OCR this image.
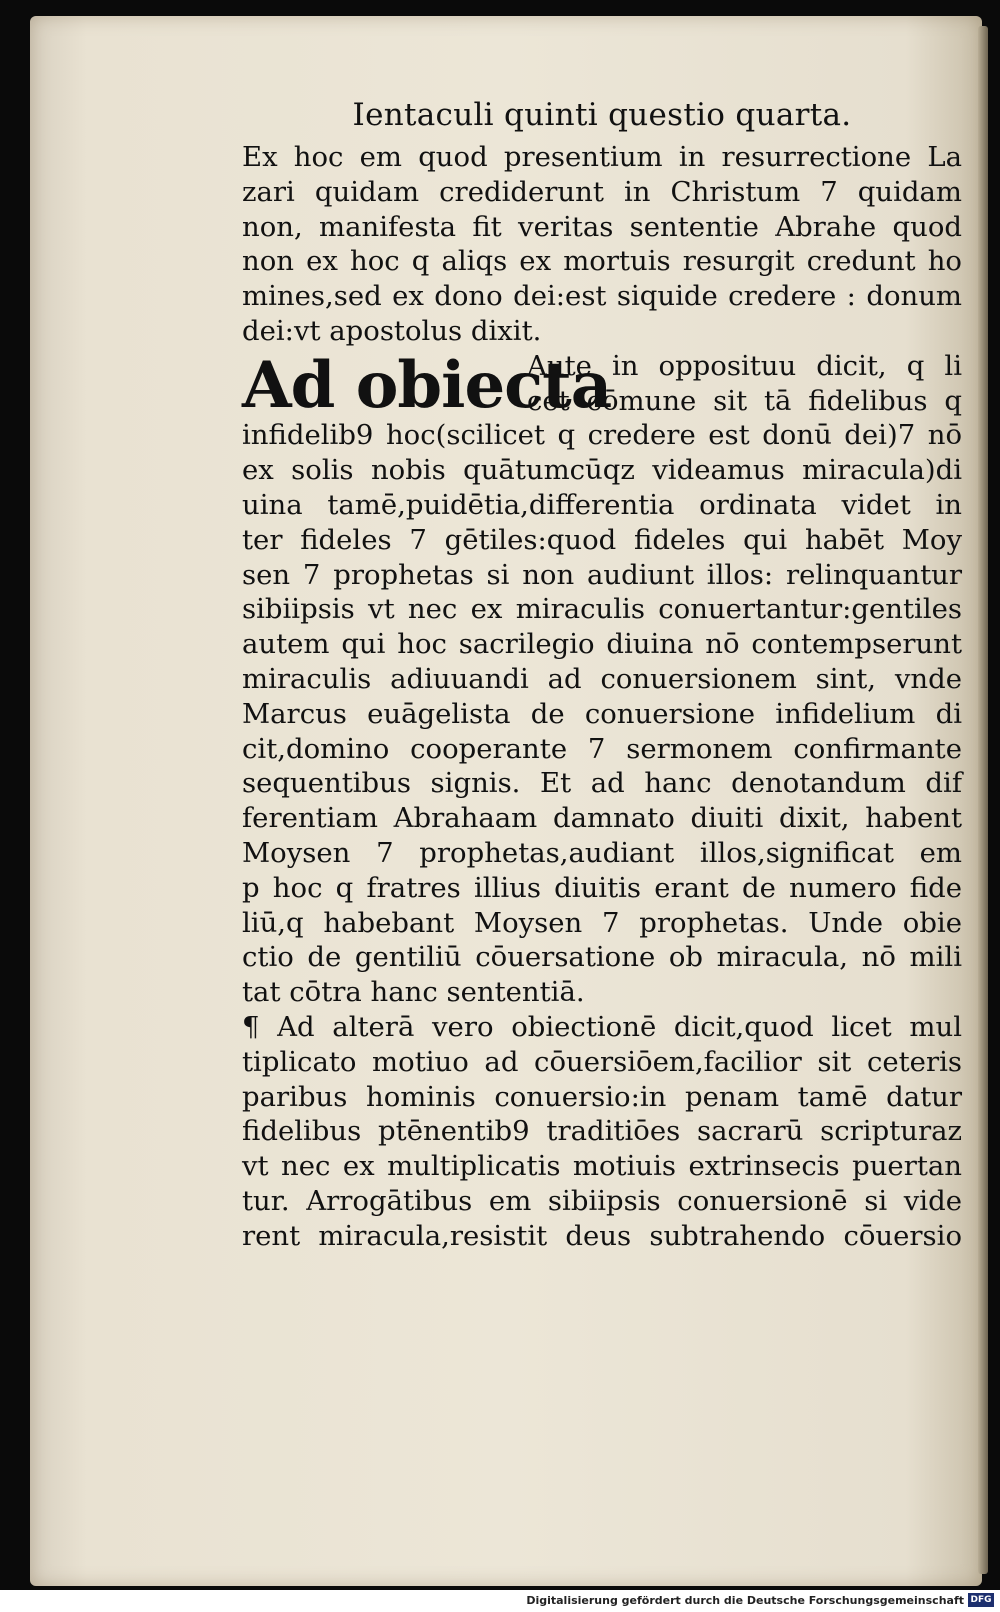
Ientaculi quinti questio quarta.

Ex hoc em quod presentium in resurrectione La

zari quidam crediderunt in Christum 7 quidam

non, manifesta fit veritas sententie Abrahe quod

non ex hoc q aliqs ex mortuis resurgit credunt ho

mines,sed ex dono dei:est siquide credere : donum

dei:vt apostolus dixit.

Ad obiecta

Aute in opposituu dicit, q li

cet cōmune sit tā fidelibus q

infidelib9 hoc(scilicet q credere est donū dei)7 nō

ex solis nobis quātumcūqz videamus miracula)di

uina tamē,puidētia,differentia ordinata videt in

ter fideles 7 gētiles:quod fideles qui habēt Moy

sen 7 prophetas si non audiunt illos: relinquantur

sibiipsis vt nec ex miraculis conuertantur:gentiles

autem qui hoc sacrilegio diuina nō contempserunt

miraculis adiuuandi ad conuersionem sint, vnde

Marcus euāgelista de conuersione infidelium di

cit,domino cooperante 7 sermonem confirmante

sequentibus signis. Et ad hanc denotandum dif

ferentiam Abrahaam damnato diuiti dixit, habent

Moysen 7 prophetas,audiant illos,significat em

p hoc q fratres illius diuitis erant de numero fide

liū,q habebant Moysen 7 prophetas. Unde obie

ctio de gentiliū cōuersatione ob miracula, nō mili

tat cōtra hanc sententiā.

¶ Ad alterā vero obiectionē dicit,quod licet mul

tiplicato motiuo ad cōuersiōem,facilior sit ceteris

paribus hominis conuersio:in penam tamē datur

fidelibus ptēnentib9 traditiōes sacrarū scripturaz

vt nec ex multiplicatis motiuis extrinsecis puertan

tur. Arrogātibus em sibiipsis conuersionē si vide

rent miracula,resistit deus subtrahendo cōuersio

Digitalisierung gefördert durch die Deutsche Forschungsgemeinschaft DFG
